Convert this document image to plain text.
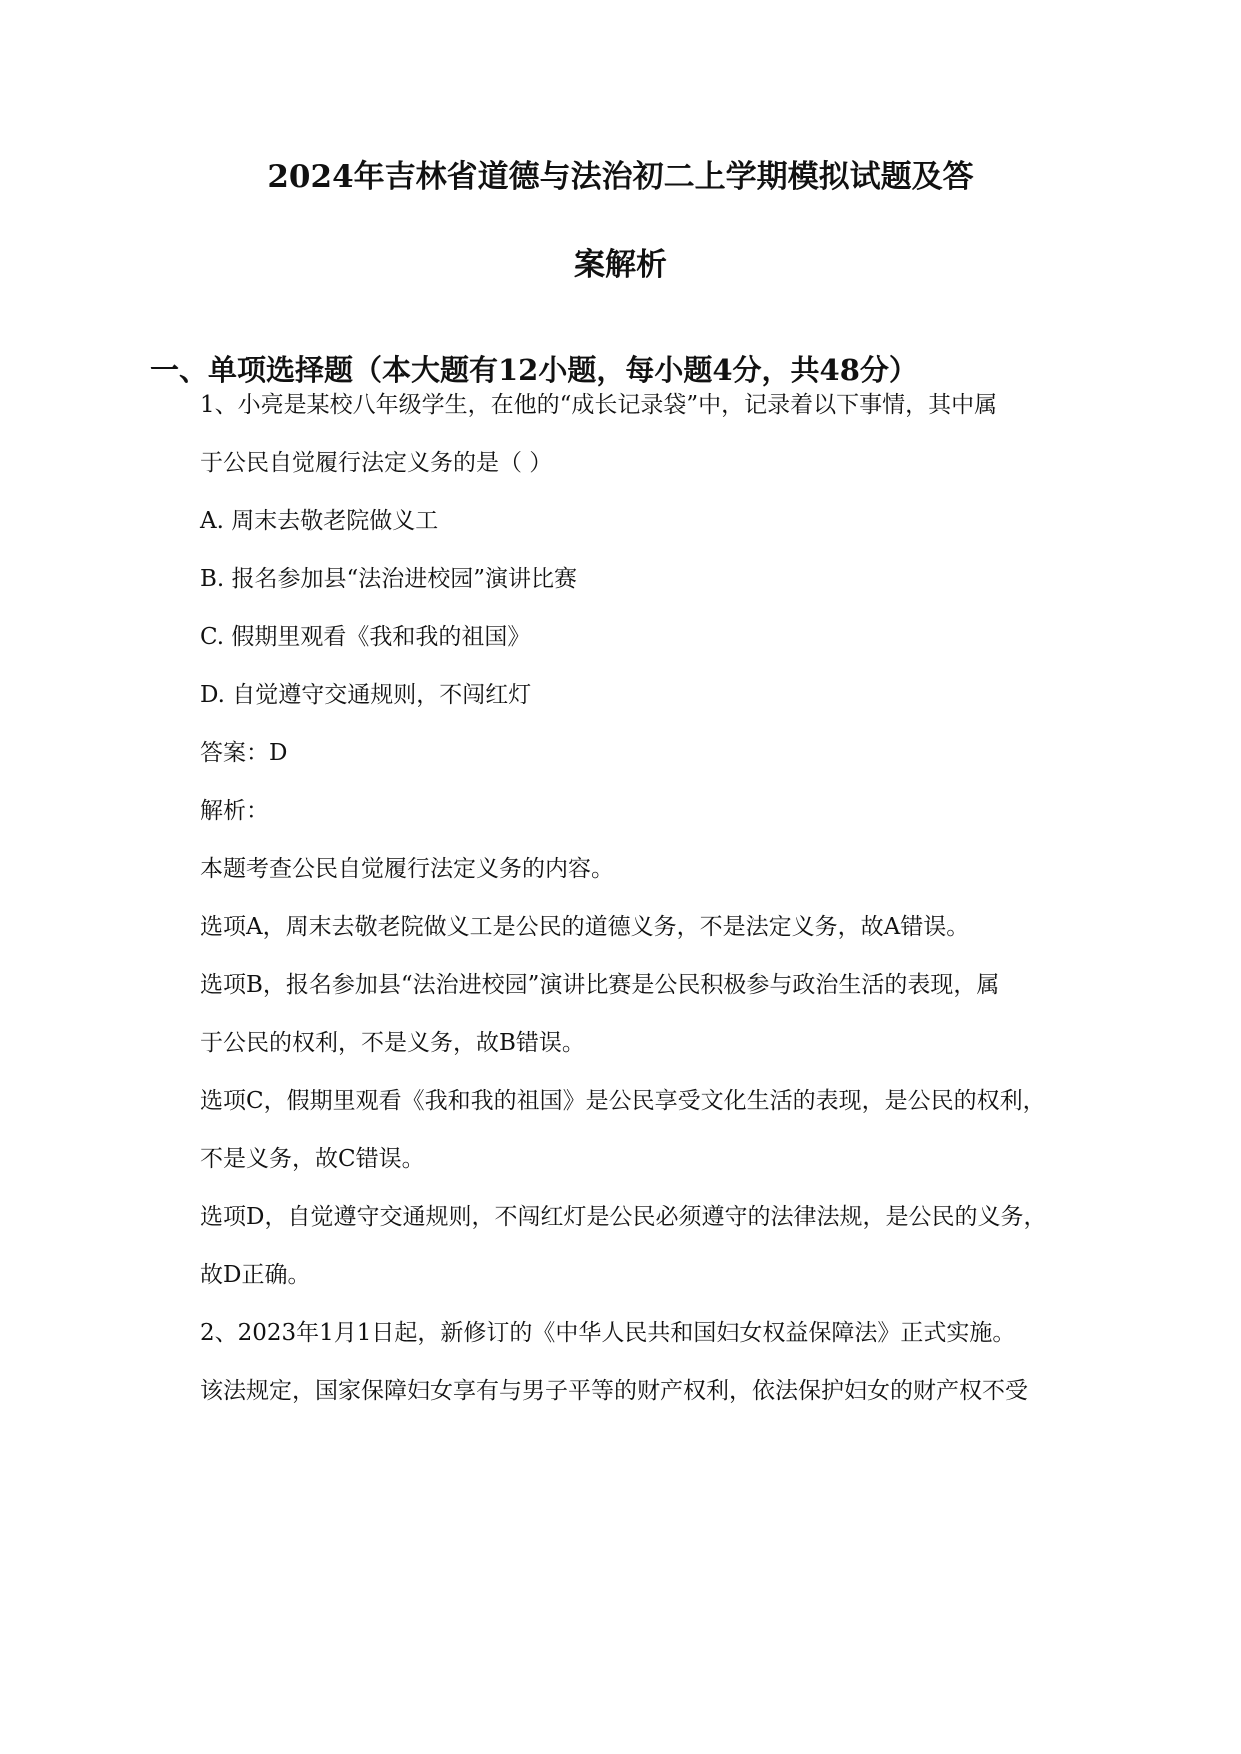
2024年吉林省道德与法治初二上学期模拟试题及答
案解析
一、单项选择题（本大题有12小题，每小题4分，共48分）
1、小亮是某校八年级学生，在他的“成长记录袋”中，记录着以下事情，其中属
于公民自觉履行法定义务的是（ ）
A. 周末去敬老院做义工
B. 报名参加县“法治进校园”演讲比赛
C. 假期里观看《我和我的祖国》
D. 自觉遵守交通规则，不闯红灯
答案：D
解析：
本题考查公民自觉履行法定义务的内容。
选项A，周末去敬老院做义工是公民的道德义务，不是法定义务，故A错误。
选项B，报名参加县“法治进校园”演讲比赛是公民积极参与政治生活的表现，属
于公民的权利，不是义务，故B错误。
选项C，假期里观看《我和我的祖国》是公民享受文化生活的表现，是公民的权利，
不是义务，故C错误。
选项D，自觉遵守交通规则，不闯红灯是公民必须遵守的法律法规，是公民的义务，
故D正确。
2、2023年1月1日起，新修订的《中华人民共和国妇女权益保障法》正式实施。
该法规定，国家保障妇女享有与男子平等的财产权利，依法保护妇女的财产权不受
